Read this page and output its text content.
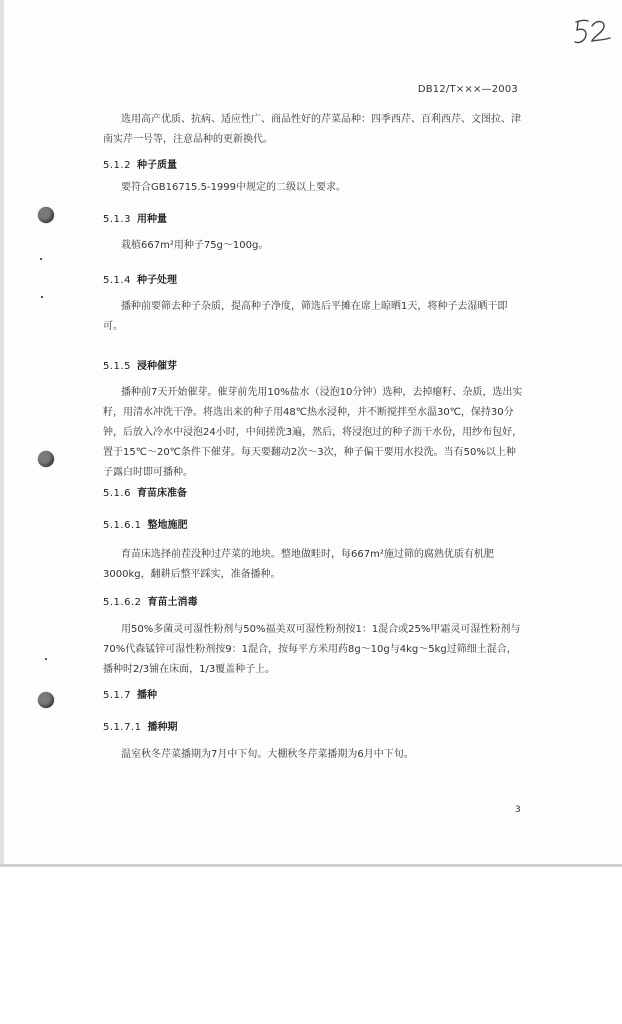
DB12/T×××—2003
选用高产优质、抗病、适应性广、商品性好的芹菜品种：四季西芹、百利西芹、文图拉、津南实芹一号等，注意品种的更新换代。
5.1.2 种子质量
要符合GB16715.5-1999中规定的二级以上要求。
5.1.3 用种量
栽植667m²用种子75g～100g。
5.1.4 种子处理
播种前要筛去种子杂质，提高种子净度，筛选后平摊在席上晾晒1天，将种子去湿晒干即可。
5.1.5 浸种催芽
播种前7天开始催芽。催芽前先用10%盐水（浸泡10分钟）选种，去掉瘪籽、杂质，选出实籽，用清水冲洗干净。将选出来的种子用48℃热水浸种，并不断搅拌至水温30℃，保持30分钟，后放入冷水中浸泡24小时，中间搓洗3遍，然后，将浸泡过的种子沥干水份，用纱布包好，置于15℃～20℃条件下催芽。每天要翻动2次～3次，种子偏干要用水投洗。当有50%以上种子露白时即可播种。
5.1.6 育苗床准备
5.1.6.1 整地施肥
育苗床选择前茬没种过芹菜的地块。整地做畦时，每667m²施过筛的腐熟优质有机肥3000kg，翻耕后整平踩实，准备播种。
5.1.6.2 育苗土消毒
用50%多菌灵可湿性粉剂与50%福美双可湿性粉剂按1：1混合或25%甲霜灵可湿性粉剂与70%代森锰锌可湿性粉剂按9：1混合，按每平方米用药8g～10g与4kg～5kg过筛细土混合，播种时2/3铺在床面，1/3覆盖种子上。
5.1.7 播种
5.1.7.1 播种期
温室秋冬芹菜播期为7月中下旬。大棚秋冬芹菜播期为6月中下旬。
3
